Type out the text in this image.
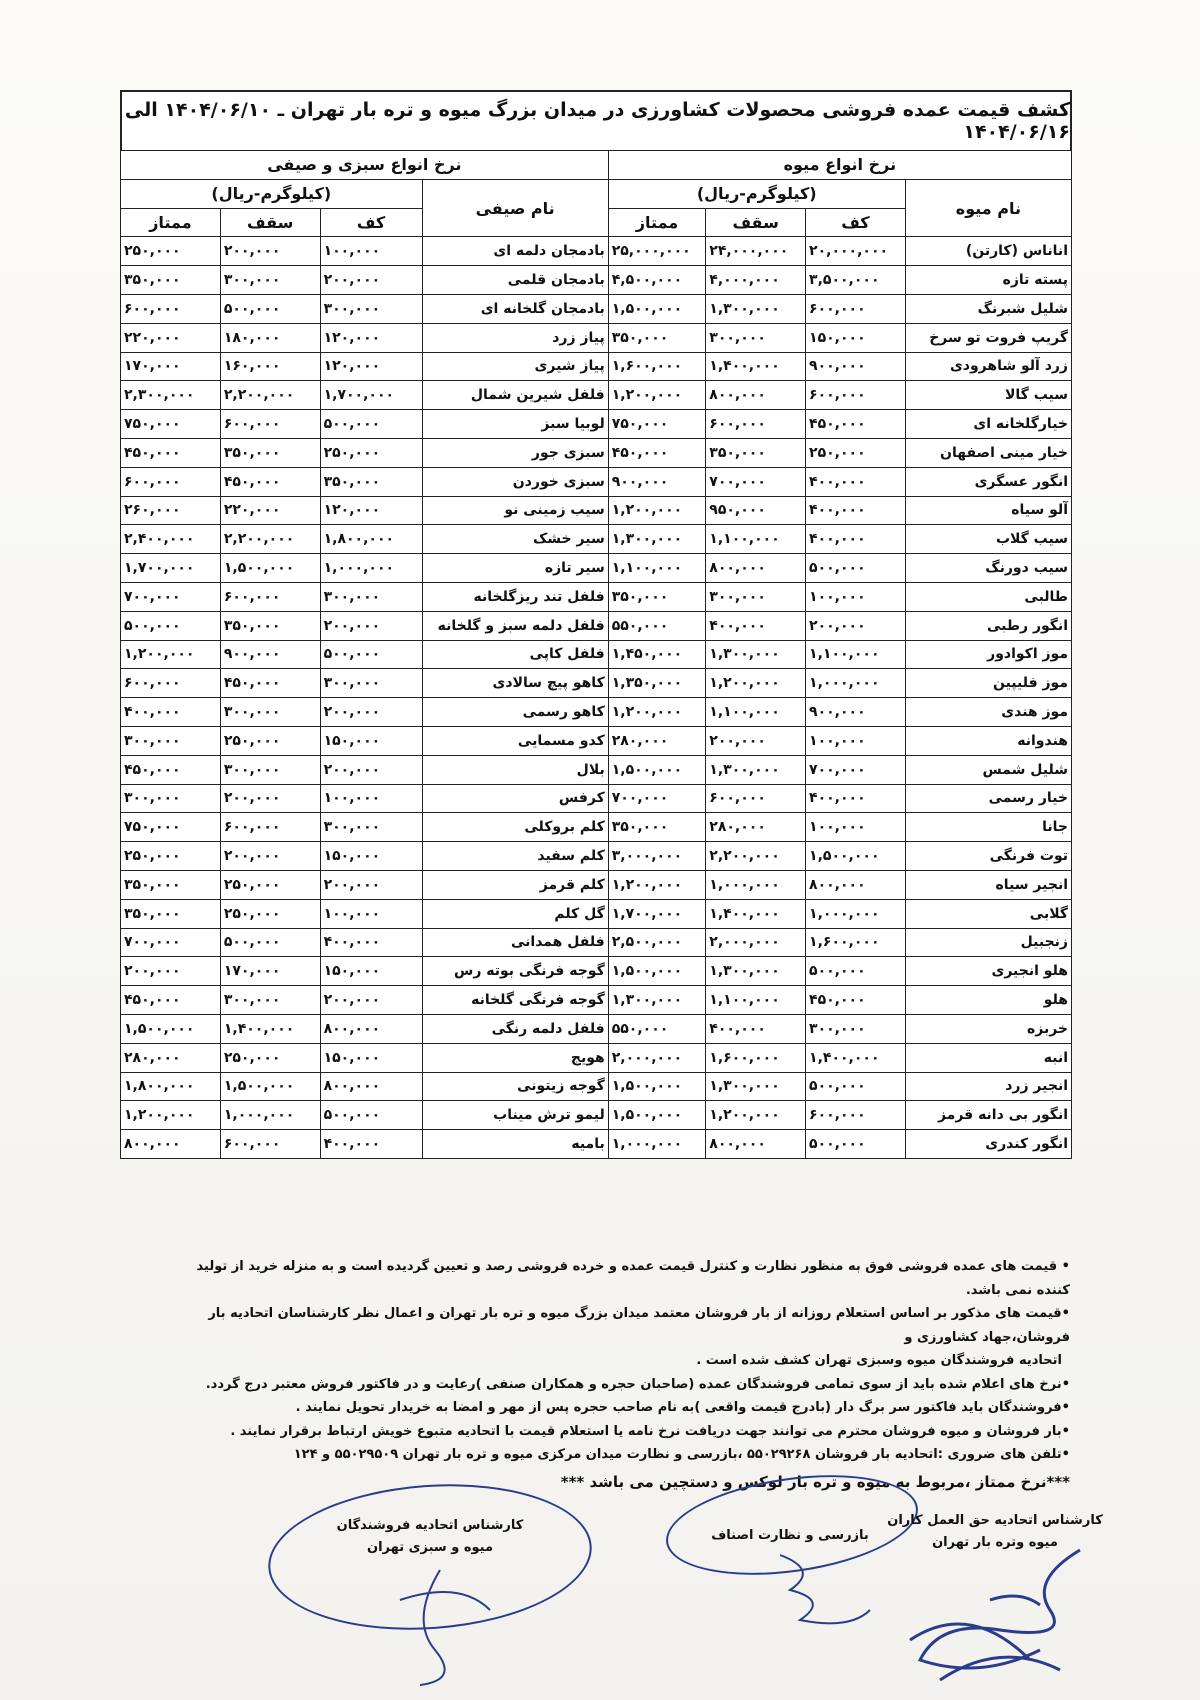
کشف قیمت عمده فروشی محصولات کشاورزی در میدان بزرگ میوه و تره بار تهران ـ ۱۴۰۴/۰۶/۱۰ الی ۱۴۰۴/۰۶/۱۶
نرخ انواع میوه				نرخ انواع سبزی و صیفی			
نام میوه	(کیلوگرم-ریال)			نام صیفی	(کیلوگرم-ریال)		
	کف	سقف	ممتاز		کف	سقف	ممتاز
اناناس (کارتن)	۲۰,۰۰۰,۰۰۰	۲۴,۰۰۰,۰۰۰	۲۵,۰۰۰,۰۰۰	بادمجان دلمه ای	۱۰۰,۰۰۰	۲۰۰,۰۰۰	۲۵۰,۰۰۰
پسته تازه	۳,۵۰۰,۰۰۰	۴,۰۰۰,۰۰۰	۴,۵۰۰,۰۰۰	بادمجان قلمی	۲۰۰,۰۰۰	۳۰۰,۰۰۰	۳۵۰,۰۰۰
شلیل شبرنگ	۶۰۰,۰۰۰	۱,۳۰۰,۰۰۰	۱,۵۰۰,۰۰۰	بادمجان گلخانه ای	۳۰۰,۰۰۰	۵۰۰,۰۰۰	۶۰۰,۰۰۰
گریپ فروت تو سرخ	۱۵۰,۰۰۰	۳۰۰,۰۰۰	۳۵۰,۰۰۰	پیاز زرد	۱۲۰,۰۰۰	۱۸۰,۰۰۰	۲۲۰,۰۰۰
زرد آلو شاهرودی	۹۰۰,۰۰۰	۱,۴۰۰,۰۰۰	۱,۶۰۰,۰۰۰	پیاز شیری	۱۲۰,۰۰۰	۱۶۰,۰۰۰	۱۷۰,۰۰۰
سیب گالا	۶۰۰,۰۰۰	۸۰۰,۰۰۰	۱,۲۰۰,۰۰۰	فلفل شیرین شمال	۱,۷۰۰,۰۰۰	۲,۲۰۰,۰۰۰	۲,۳۰۰,۰۰۰
خیارگلخانه ای	۴۵۰,۰۰۰	۶۰۰,۰۰۰	۷۵۰,۰۰۰	لوبیا سبز	۵۰۰,۰۰۰	۶۰۰,۰۰۰	۷۵۰,۰۰۰
خیار مینی اصفهان	۲۵۰,۰۰۰	۳۵۰,۰۰۰	۴۵۰,۰۰۰	سبزی جور	۲۵۰,۰۰۰	۳۵۰,۰۰۰	۴۵۰,۰۰۰
انگور عسگری	۴۰۰,۰۰۰	۷۰۰,۰۰۰	۹۰۰,۰۰۰	سبزی خوردن	۳۵۰,۰۰۰	۴۵۰,۰۰۰	۶۰۰,۰۰۰
آلو سیاه	۴۰۰,۰۰۰	۹۵۰,۰۰۰	۱,۲۰۰,۰۰۰	سیب زمینی نو	۱۲۰,۰۰۰	۲۲۰,۰۰۰	۲۶۰,۰۰۰
سیب گلاب	۴۰۰,۰۰۰	۱,۱۰۰,۰۰۰	۱,۳۰۰,۰۰۰	سیر خشک	۱,۸۰۰,۰۰۰	۲,۲۰۰,۰۰۰	۲,۴۰۰,۰۰۰
سیب دورنگ	۵۰۰,۰۰۰	۸۰۰,۰۰۰	۱,۱۰۰,۰۰۰	سیر تازه	۱,۰۰۰,۰۰۰	۱,۵۰۰,۰۰۰	۱,۷۰۰,۰۰۰
طالبی	۱۰۰,۰۰۰	۳۰۰,۰۰۰	۳۵۰,۰۰۰	فلفل تند ریزگلخانه	۳۰۰,۰۰۰	۶۰۰,۰۰۰	۷۰۰,۰۰۰
انگور رطبی	۲۰۰,۰۰۰	۴۰۰,۰۰۰	۵۵۰,۰۰۰	فلفل دلمه سبز و گلخانه	۲۰۰,۰۰۰	۳۵۰,۰۰۰	۵۰۰,۰۰۰
موز اکوادور	۱,۱۰۰,۰۰۰	۱,۳۰۰,۰۰۰	۱,۴۵۰,۰۰۰	فلفل کاپی	۵۰۰,۰۰۰	۹۰۰,۰۰۰	۱,۲۰۰,۰۰۰
موز فلیپین	۱,۰۰۰,۰۰۰	۱,۲۰۰,۰۰۰	۱,۳۵۰,۰۰۰	کاهو پیچ سالادی	۳۰۰,۰۰۰	۴۵۰,۰۰۰	۶۰۰,۰۰۰
موز هندی	۹۰۰,۰۰۰	۱,۱۰۰,۰۰۰	۱,۲۰۰,۰۰۰	کاهو رسمی	۲۰۰,۰۰۰	۳۰۰,۰۰۰	۴۰۰,۰۰۰
هندوانه	۱۰۰,۰۰۰	۲۰۰,۰۰۰	۲۸۰,۰۰۰	کدو مسمایی	۱۵۰,۰۰۰	۲۵۰,۰۰۰	۳۰۰,۰۰۰
شلیل شمس	۷۰۰,۰۰۰	۱,۳۰۰,۰۰۰	۱,۵۰۰,۰۰۰	بلال	۲۰۰,۰۰۰	۳۰۰,۰۰۰	۴۵۰,۰۰۰
خیار رسمی	۴۰۰,۰۰۰	۶۰۰,۰۰۰	۷۰۰,۰۰۰	کرفس	۱۰۰,۰۰۰	۲۰۰,۰۰۰	۳۰۰,۰۰۰
جانا	۱۰۰,۰۰۰	۲۸۰,۰۰۰	۳۵۰,۰۰۰	کلم بروکلی	۳۰۰,۰۰۰	۶۰۰,۰۰۰	۷۵۰,۰۰۰
توت فرنگی	۱,۵۰۰,۰۰۰	۲,۲۰۰,۰۰۰	۳,۰۰۰,۰۰۰	کلم سفید	۱۵۰,۰۰۰	۲۰۰,۰۰۰	۲۵۰,۰۰۰
انجیر سیاه	۸۰۰,۰۰۰	۱,۰۰۰,۰۰۰	۱,۲۰۰,۰۰۰	کلم قرمز	۲۰۰,۰۰۰	۲۵۰,۰۰۰	۳۵۰,۰۰۰
گلابی	۱,۰۰۰,۰۰۰	۱,۴۰۰,۰۰۰	۱,۷۰۰,۰۰۰	گل کلم	۱۰۰,۰۰۰	۲۵۰,۰۰۰	۳۵۰,۰۰۰
زنجبیل	۱,۶۰۰,۰۰۰	۲,۰۰۰,۰۰۰	۲,۵۰۰,۰۰۰	فلفل همدانی	۴۰۰,۰۰۰	۵۰۰,۰۰۰	۷۰۰,۰۰۰
هلو انجیری	۵۰۰,۰۰۰	۱,۳۰۰,۰۰۰	۱,۵۰۰,۰۰۰	گوجه فرنگی بوته رس	۱۵۰,۰۰۰	۱۷۰,۰۰۰	۲۰۰,۰۰۰
هلو	۴۵۰,۰۰۰	۱,۱۰۰,۰۰۰	۱,۳۰۰,۰۰۰	گوجه فرنگی گلخانه	۲۰۰,۰۰۰	۳۰۰,۰۰۰	۴۵۰,۰۰۰
خربزه	۳۰۰,۰۰۰	۴۰۰,۰۰۰	۵۵۰,۰۰۰	فلفل دلمه رنگی	۸۰۰,۰۰۰	۱,۴۰۰,۰۰۰	۱,۵۰۰,۰۰۰
انبه	۱,۴۰۰,۰۰۰	۱,۶۰۰,۰۰۰	۲,۰۰۰,۰۰۰	هویج	۱۵۰,۰۰۰	۲۵۰,۰۰۰	۲۸۰,۰۰۰
انجیر زرد	۵۰۰,۰۰۰	۱,۳۰۰,۰۰۰	۱,۵۰۰,۰۰۰	گوجه زیتونی	۸۰۰,۰۰۰	۱,۵۰۰,۰۰۰	۱,۸۰۰,۰۰۰
انگور بی دانه قرمز	۶۰۰,۰۰۰	۱,۲۰۰,۰۰۰	۱,۵۰۰,۰۰۰	لیمو ترش میناب	۵۰۰,۰۰۰	۱,۰۰۰,۰۰۰	۱,۲۰۰,۰۰۰
انگور کندری	۵۰۰,۰۰۰	۸۰۰,۰۰۰	۱,۰۰۰,۰۰۰	بامیه	۴۰۰,۰۰۰	۶۰۰,۰۰۰	۸۰۰,۰۰۰

• قیمت های عمده فروشی فوق به منظور نظارت و کنترل قیمت عمده و خرده فروشی رصد و تعیین گردیده است و به منزله خرید از تولید کننده نمی باشد.

•قیمت های مذکور بر اساس استعلام روزانه از بار فروشان معتمد میدان بزرگ میوه و تره بار تهران و اعمال نظر کارشناسان اتحادیه بار فروشان،جهاد کشاورزی و

اتحادیه فروشندگان میوه وسبزی تهران کشف شده است .

•نرخ های اعلام شده باید از سوی تمامی فروشندگان عمده (صاحبان حجره و همکاران صنفی )رعایت و در فاکتور فروش معتبر درج گردد.

•فروشندگان باید فاکتور سر برگ دار (بادرج قیمت واقعی )به نام صاحب حجره پس از مهر و امضا به خریدار تحویل نمایند .

•بار فروشان و میوه فروشان محترم می توانند جهت دریافت نرخ نامه یا استعلام قیمت با اتحادیه متبوع خویش ارتباط برقرار نمایند .

•تلفن های ضروری :اتحادیه بار فروشان ۵۵۰۲۹۲۶۸ ،بازرسی و نظارت میدان مرکزی میوه و تره بار تهران ۵۵۰۲۹۵۰۹ و ۱۲۴

***نرخ ممتاز ،مربوط به میوه و تره بار لوکس و دستچین می باشد ***

کارشناس اتحادیه فروشندگان
میوه و سبزی تهران
بازرسی و نظارت اصناف
کارشناس اتحادیه حق العمل کاران
میوه وتره بار تهران
